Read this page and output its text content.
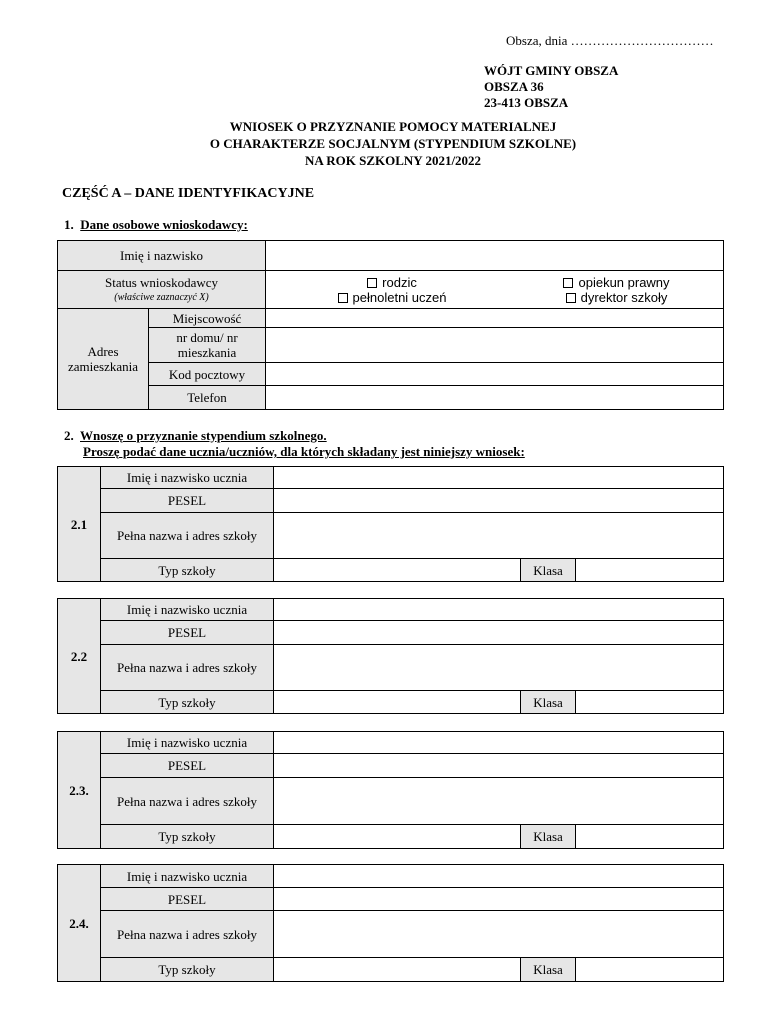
Obsza, dnia ……………………………
WÓJT GMINY OBSZA
OBSZA 36
23-413 OBSZA
WNIOSEK O PRZYZNANIE POMOCY MATERIALNEJ
O CHARAKTERZE SOCJALNYM (STYPENDIUM SZKOLNE)
NA ROK SZKOLNY 2021/2022
CZĘŚĆ A – DANE IDENTYFIKACYJNE
1. Dane osobowe wnioskodawcy:
Imię i nazwisko	

Status wnioskodawcy
(właściwe zaznaczyć X)

rodzic	opiekun prawny
pełnoletni uczeń	dyrektor szkoły

Adres zamieszkania	Miejscowość	
nr domu/ nr mieszkania	
Kod pocztowy	
Telefon	
2. Wnoszę o przyznanie stypendium szkolnego.
Proszę podać dane ucznia/uczniów, dla których składany jest niniejszy wniosek:
2.1	Imię i nazwisko ucznia			
	PESEL			
	Pełna nazwa i adres szkoły			
	Typ szkoły		Klasa	
2.2	Imię i nazwisko ucznia			
	PESEL			
	Pełna nazwa i adres szkoły			
	Typ szkoły		Klasa	
2.3.	Imię i nazwisko ucznia			
	PESEL			
	Pełna nazwa i adres szkoły			
	Typ szkoły		Klasa	
2.4.	Imię i nazwisko ucznia			
	PESEL			
	Pełna nazwa i adres szkoły			
	Typ szkoły		Klasa	
